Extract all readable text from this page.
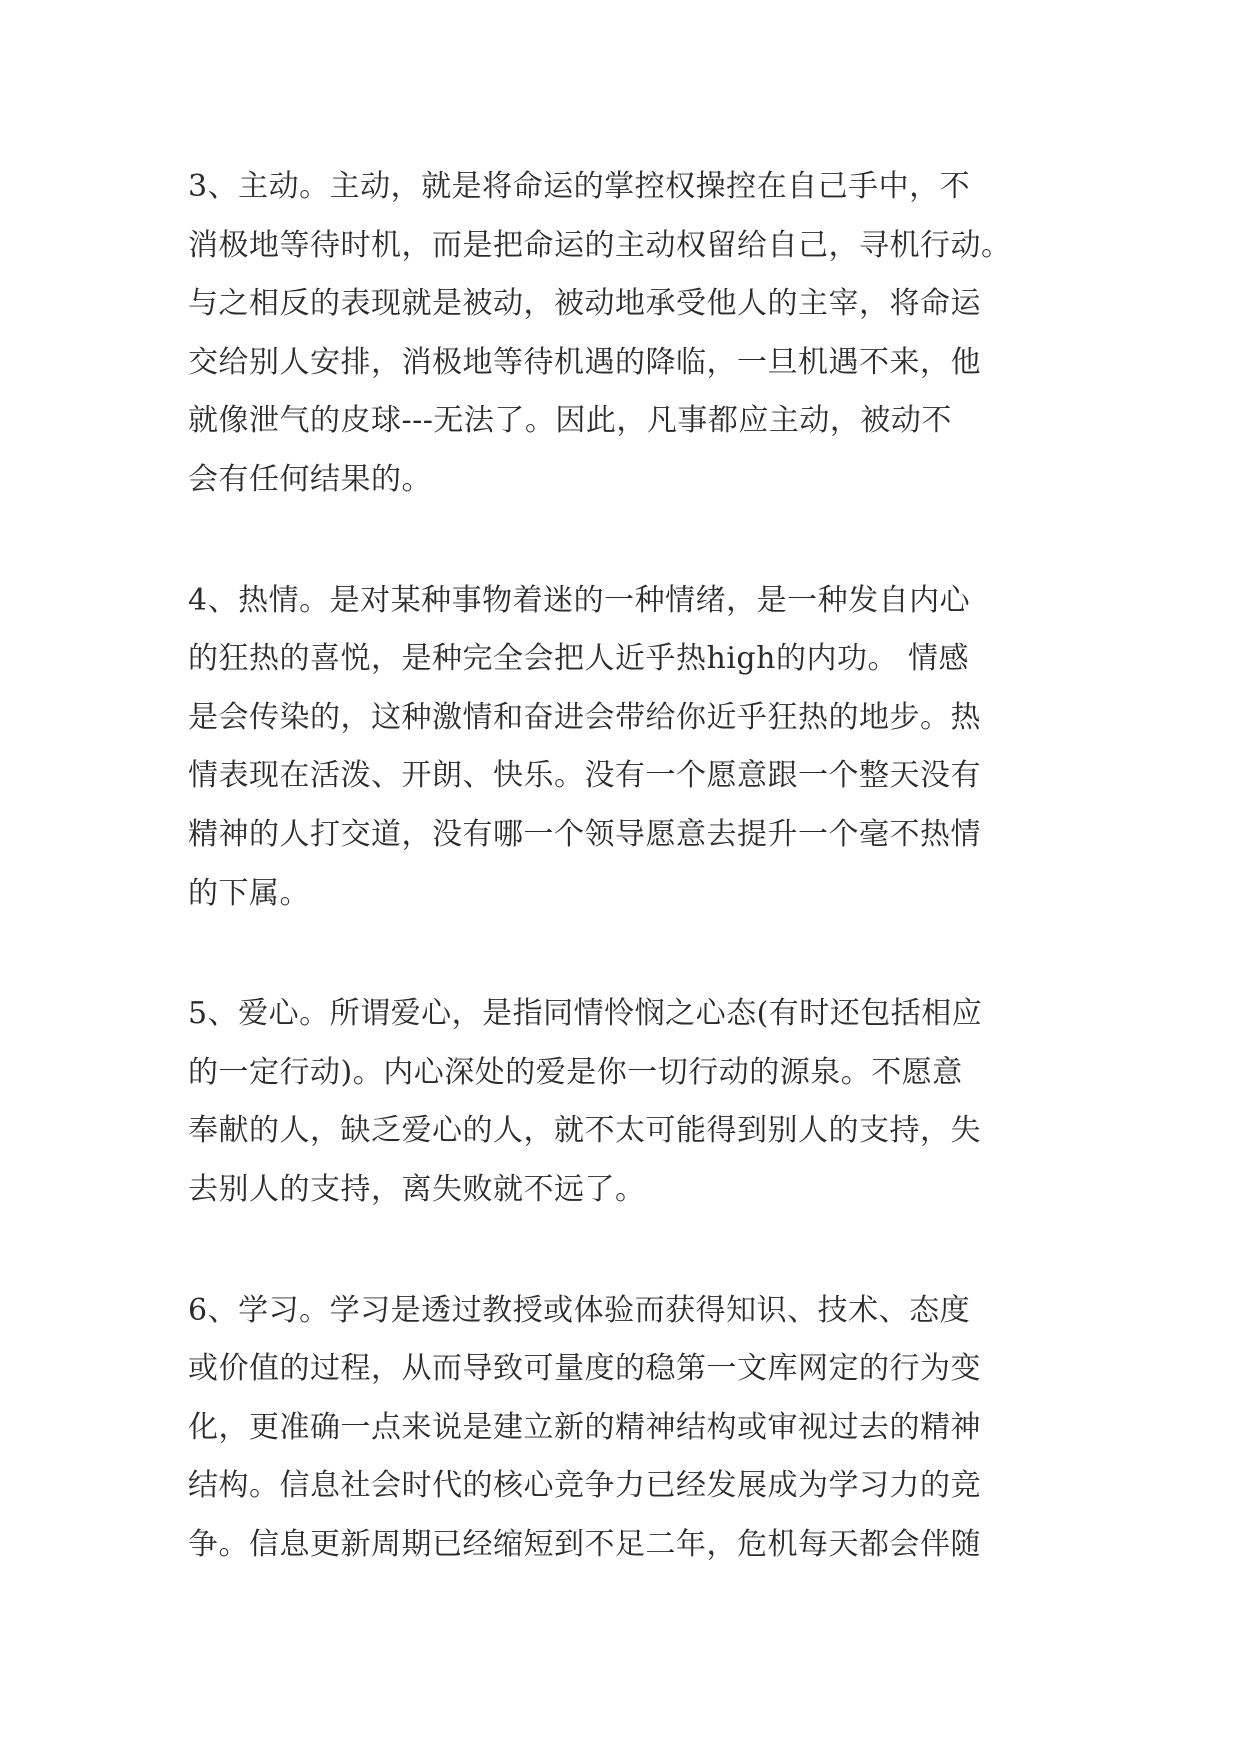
3、主动。主动，就是将命运的掌控权操控在自己手中，不
消极地等待时机，而是把命运的主动权留给自己，寻机行动。
与之相反的表现就是被动，被动地承受他人的主宰，将命运
交给别人安排，消极地等待机遇的降临，一旦机遇不来，他
就像泄气的皮球---无法了。因此，凡事都应主动，被动不
会有任何结果的。
4、热情。是对某种事物着迷的一种情绪，是一种发自内心
的狂热的喜悦，是种完全会把人近乎热high的内功。 情感
是会传染的，这种激情和奋进会带给你近乎狂热的地步。热
情表现在活泼、开朗、快乐。没有一个愿意跟一个整天没有
精神的人打交道，没有哪一个领导愿意去提升一个毫不热情
的下属。
5、爱心。所谓爱心，是指同情怜悯之心态(有时还包括相应
的一定行动)。内心深处的爱是你一切行动的源泉。不愿意
奉献的人，缺乏爱心的人，就不太可能得到别人的支持，失
去别人的支持，离失败就不远了。
6、学习。学习是透过教授或体验而获得知识、技术、态度
或价值的过程，从而导致可量度的稳第一文库网定的行为变
化，更准确一点来说是建立新的精神结构或审视过去的精神
结构。信息社会时代的核心竞争力已经发展成为学习力的竞
争。信息更新周期已经缩短到不足二年，危机每天都会伴随
